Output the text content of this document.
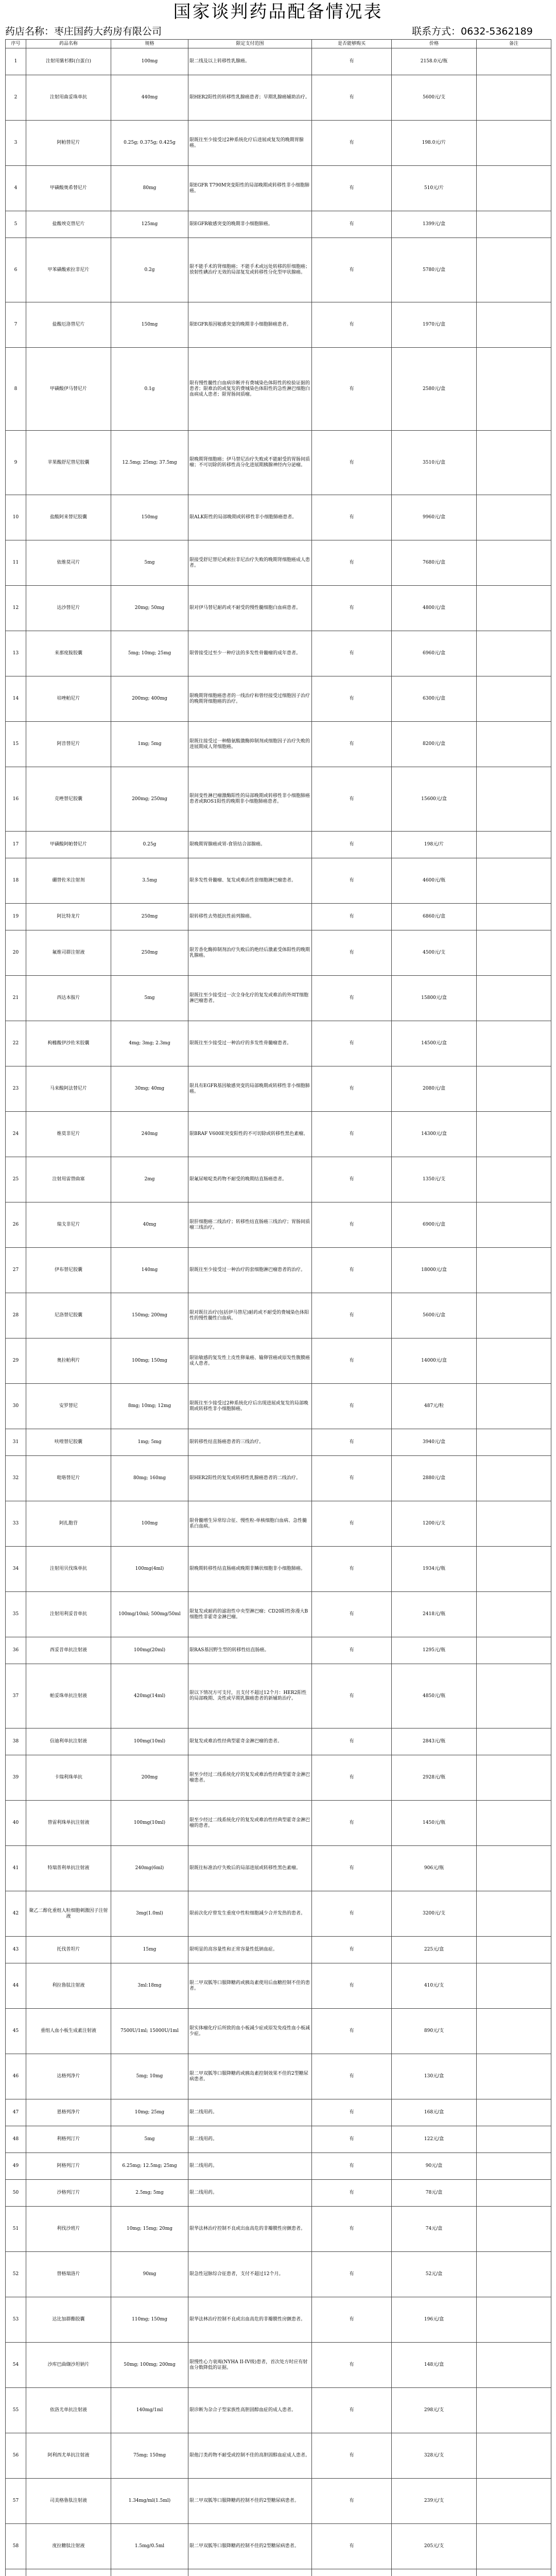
国家谈判药品配备情况表
药店名称：枣庄国药大药房有限公司	联系方式：0632-5362189
序号	药品名称	规格	限定支付范围	是否能够购买	价格	备注
1	注射用紫杉醇(白蛋白)	100mg	限二线及以上转移性乳腺癌。	有	2158.0元/瓶	
2	注射用曲妥珠单抗	440mg	限HER2阳性的转移性乳腺癌患者；早期乳腺癌辅助治疗。	有	5600元/支	
3	阿帕替尼片	0.25g; 0.375g; 0.425g	限既往至少接受过2种系统化疗后进展或复发的晚期胃腺癌。	有	198.0元/片	
4	甲磺酸奥希替尼片	80mg	限EGFR T790M突变阳性的局部晚期或转移性非小细胞肺癌。	有	510元/片	
5	盐酸埃克替尼片	125mg	限EGFR敏感突变的晚期非小细胞肺癌。	有	1399元/盒	
6	甲苯磺酸索拉非尼片	0.2g	限不能手术的肾细胞癌；不能手术或远处转移的肝细胞癌；放射性碘治疗无效的局部复发或转移性分化型甲状腺癌。	有	5780元/盒	
7	盐酸厄洛替尼片	150mg	限EGFR基因敏感突变的晚期非小细胞肺癌患者。	有	1970元/盒	
8	甲磺酸伊马替尼片	0.1g	限有慢性髓性白血病诊断并有费城染色体阳性的检验证据的患者；限难治的或复发的费城染色体阳性的急性淋巴细胞白血病成人患者；限胃肠间质瘤。	有	2580元/盒	
9	苹果酸舒尼替尼胶囊	12.5mg; 25mg; 37.5mg	限晚期肾细胞癌；伊马替尼治疗失败或不能耐受的胃肠间质瘤；不可切除的转移性高分化进展期胰腺神经内分泌瘤。	有	3510元/盒	
10	盐酸阿来替尼胶囊	150mg	限ALK阳性的局部晚期或转移性非小细胞肺癌患者。	有	9960元/盒	
11	依维莫司片	5mg	限接受舒尼替尼或索拉非尼治疗失败的晚期肾细胞癌成人患者。	有	7680元/盒	
12	达沙替尼片	20mg; 50mg	限对伊马替尼耐药或不耐受的慢性髓细胞白血病患者。	有	4800元/盒	
13	来那度胺胶囊	5mg; 10mg; 25mg	限曾接受过至少一种疗法的多发性骨髓瘤的成年患者。	有	6960元/盒	
14	培唑帕尼片	200mg; 400mg	限晚期肾细胞癌患者的一线治疗和曾经接受过细胞因子治疗的晚期肾细胞癌的治疗。	有	6300元/盒	
15	阿昔替尼片	1mg; 5mg	限既往接受过一种酪氨酸激酶抑制剂或细胞因子治疗失败的进展期成人肾细胞癌。	有	8200元/盒	
16	克唑替尼胶囊	200mg; 250mg	限间变性淋巴瘤激酶阳性的局部晚期或转移性非小细胞肺癌患者或ROS1阳性的晚期非小细胞肺癌患者。	有	15600元/盒	
17	甲磺酸阿帕替尼片	0.25g	限晚期胃腺癌或胃-食管结合部腺癌。	有	198元/片	
18	硼替佐米注射剂	3.5mg	限多发性骨髓瘤、复发或难治性套细胞淋巴瘤患者。	有	4600元/瓶	
19	阿比特龙片	250mg	限转移性去势抵抗性前列腺癌。	有	6860元/盒	
20	氟维司群注射液	250mg	限芳香化酶抑制剂治疗失败后的绝经后激素受体阳性的晚期乳腺癌。	有	4500元/支	
21	西达本胺片	5mg	限既往至少接受过一次全身化疗的复发或难治的外周T细胞淋巴瘤患者。	有	15800元/盒	
22	枸橼酸伊沙佐米胶囊	4mg; 3mg; 2.3mg	限既往至少接受过一种治疗的多发性骨髓瘤患者。	有	14500元/盒	
23	马来酸阿法替尼片	30mg; 40mg	限具有EGFR基因敏感突变的局部晚期或转移性非小细胞肺癌。	有	2080元/盒	
24	维莫非尼片	240mg	限BRAF V600E突变阳性的不可切除或转移性黑色素瘤。	有	14300元/盒	
25	注射用雷替曲塞	2mg	限氟尿嘧啶类药物不耐受的晚期结直肠癌患者。	有	1350元/支	
26	瑞戈非尼片	40mg	限肝细胞癌二线治疗；转移性结直肠癌三线治疗；胃肠间质瘤三线治疗。	有	6900元/盒	
27	伊布替尼胶囊	140mg	限既往至少接受过一种治疗的套细胞淋巴瘤患者的治疗。	有	18000元/盒	
28	尼洛替尼胶囊	150mg; 200mg	限对既往治疗(包括伊马替尼)耐药或不耐受的费城染色体阳性的慢性髓性白血病。	有	5600元/盒	
29	奥拉帕利片	100mg; 150mg	限铂敏感的复发性上皮性卵巢癌、输卵管癌或原发性腹膜癌成人患者。	有	14000元/盒	
30	安罗替尼	8mg; 10mg; 12mg	限既往至少接受过2种系统化疗后出现进展或复发的局部晚期或转移性非小细胞肺癌。	有	487元/粒	
31	呋喹替尼胶囊	1mg; 5mg	限转移性结直肠癌患者的三线治疗。	有	3940元/盒	
32	吡咯替尼片	80mg; 160mg	限HER2阳性的复发或转移性乳腺癌患者的二线治疗。	有	2880元/盒	
33	阿扎胞苷	100mg	限骨髓增生异常综合征、慢性粒-单核细胞白血病、急性髓系白血病。	有	1200元/支	
34	注射用贝伐珠单抗	100mg(4ml)	限晚期转移性结直肠癌或晚期非鳞状细胞非小细胞肺癌。	有	1934元/瓶	
35	注射用利妥昔单抗	100mg/10ml; 500mg/50ml	限复发或耐药的滤泡性中央型淋巴瘤；CD20阳性弥漫大B细胞性非霍奇金淋巴瘤。	有	2418元/瓶	
36	西妥昔单抗注射液	100mg(20ml)	限RAS基因野生型的转移性结直肠癌。	有	1295元/瓶	
37	帕妥珠单抗注射液	420mg(14ml)	限以下情况方可支付，且支付不超过12个月：HER2阳性的局部晚期、炎性或早期乳腺癌患者的新辅助治疗。	有	4850元/瓶	
38	信迪利单抗注射液	100mg(10ml)	限复发或难治性经典型霍奇金淋巴瘤的患者。	有	2843元/瓶	
39	卡瑞利珠单抗	200mg	限至少经过二线系统化疗的复发或难治性经典型霍奇金淋巴瘤患者。	有	2928元/瓶	
40	替雷利珠单抗注射液	100mg(10ml)	限至少经过二线系统化疗的复发或难治性经典型霍奇金淋巴瘤的患者。	有	1450元/瓶	
41	特瑞普利单抗注射液	240mg(6ml)	限既往标准治疗失败后的局部进展或转移性黑色素瘤。	有	906元/瓶	
42	聚乙二醇化重组人粒细胞刺激因子注射液	3mg(1.0ml)	限前次化疗曾发生重度中性粒细胞减少合并发热的患者。	有	3200元/支	
43	托伐普坦片	15mg	限明显的高容量性和正常容量性低钠血症。	有	225元/盒	
44	利拉鲁肽注射液	3ml:18mg	限二甲双胍等口服降糖药或胰岛素使用后血糖控制不佳的患者。	有	410元/支	
45	重组人血小板生成素注射液	7500U/1ml; 15000U/1ml	限实体瘤化疗后所致的血小板减少症或原发免疫性血小板减少症。	有	890元/支	
46	达格列净片	5mg; 10mg	限二甲双胍等口服降糖药或胰岛素控制效果不佳的2型糖尿病患者。	有	130元/盒	
47	恩格列净片	10mg; 25mg	限二线用药。	有	168元/盒	
48	利格列汀片	5mg	限二线用药。	有	122元/盒	
49	阿格列汀片	6.25mg; 12.5mg; 25mg	限二线用药。	有	90元/盒	
50	沙格列汀片	2.5mg; 5mg	限二线用药。	有	78元/盒	
51	利伐沙班片	10mg; 15mg; 20mg	限华法林治疗控制不良或出血高危的非瓣膜性房颤患者。	有	74元/盒	
52	替格瑞洛片	90mg	限急性冠脉综合征患者，支付不超过12个月。	有	52元/盒	
53	达比加群酯胶囊	110mg; 150mg	限华法林治疗控制不良或出血高危的非瓣膜性房颤患者。	有	196元/盒	
54	沙库巴曲缬沙坦钠片	50mg; 100mg; 200mg	限慢性心力衰竭(NYHA II-IV级)患者，首次处方时应有射血分数降低的证据。	有	148元/盒	
55	依洛尤单抗注射液	140mg/1ml	限诊断为杂合子型家族性高胆固醇血症的成人患者。	有	298元/支	
56	阿利西尤单抗注射液	75mg; 150mg	限他汀类药物不耐受或控制不佳的高胆固醇血症成人患者。	有	328元/支	
57	司美格鲁肽注射液	1.34mg/ml(1.5ml)	限二甲双胍等口服降糖药控制不佳的2型糖尿病患者。	有	239元/支	
58	度拉糖肽注射液	1.5mg/0.5ml	限二甲双胍等口服降糖药控制不佳的2型糖尿病患者。	有	205元/支	
